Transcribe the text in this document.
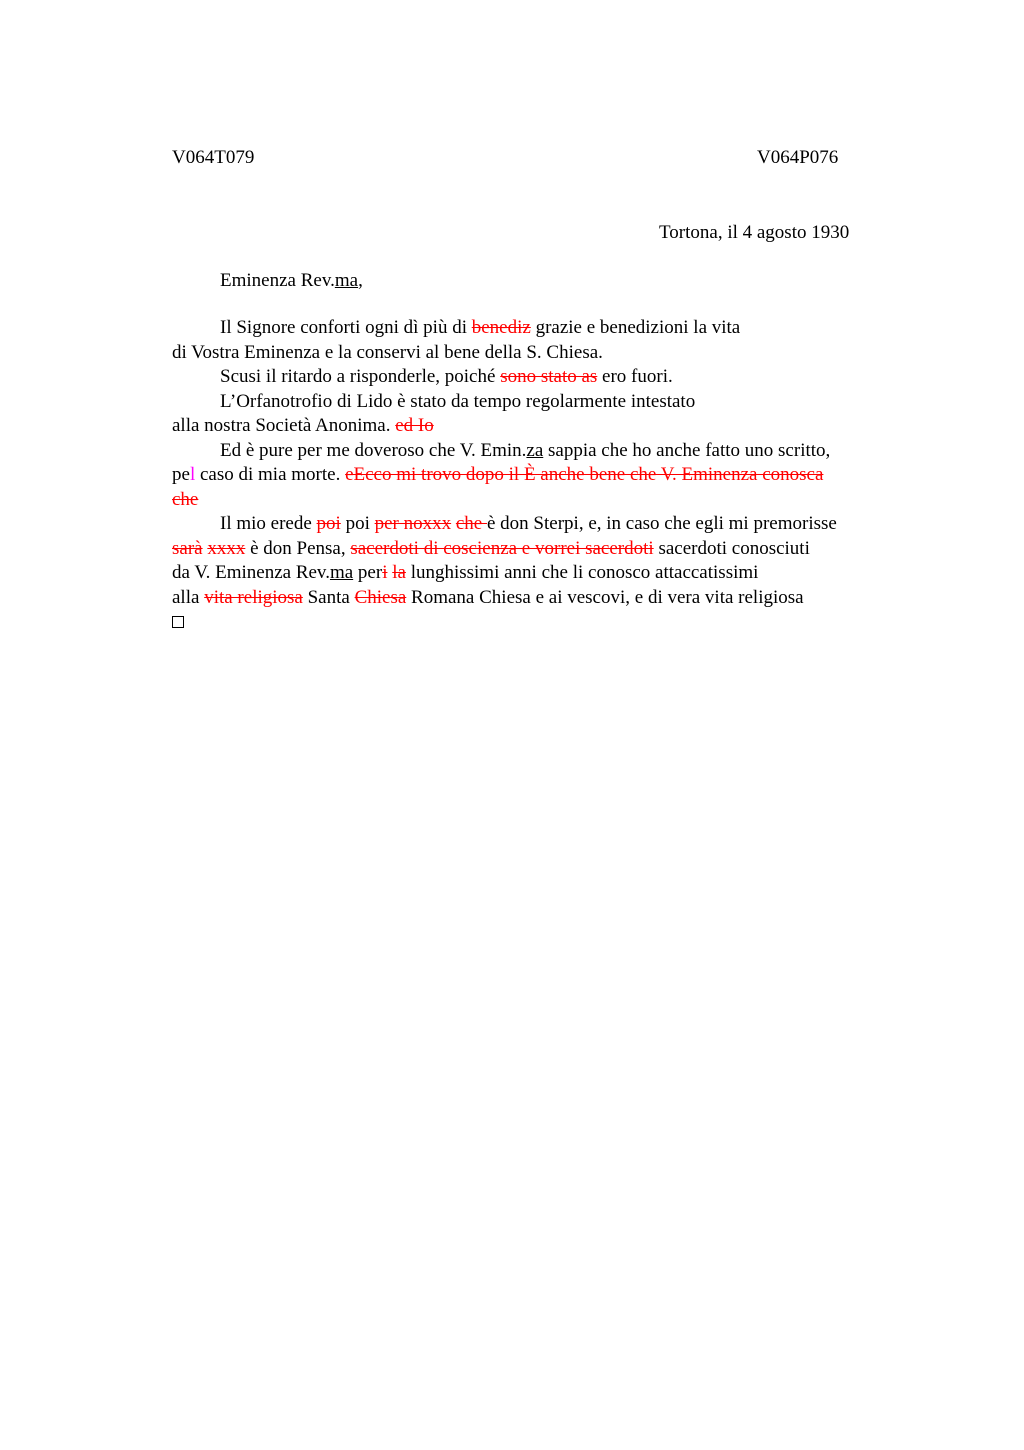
V064T079	V064P076
Tortona, il 4 agosto 1930
Eminenza Rev.ma,
Il Signore conforti ogni dì più di benediz grazie e benedizioni la vita
di Vostra Eminenza e la conservi al bene della S. Chiesa.
Scusi il ritardo a risponderle, poiché sono stato as ero fuori.
L’Orfanotrofio di Lido è stato da tempo regolarmente intestato
alla nostra Società Anonima. ed Io
Ed è pure per me doveroso che V. Emin.za sappia che ho anche fatto uno scritto,
pel caso di mia morte. eEcco mi trovo dopo il È anche bene che V. Eminenza conosca
che
Il mio erede poi poi per noxxx che è don Sterpi, e, in caso che egli mi premorisse
sarà xxxx è don Pensa, sacerdoti di coscienza e vorrei sacerdoti sacerdoti conosciuti
da V. Eminenza Rev.ma peri la lunghissimi anni che li conosco attaccatissimi
alla vita religiosa Santa Chiesa Romana Chiesa e ai vescovi, e di vera vita religiosa
